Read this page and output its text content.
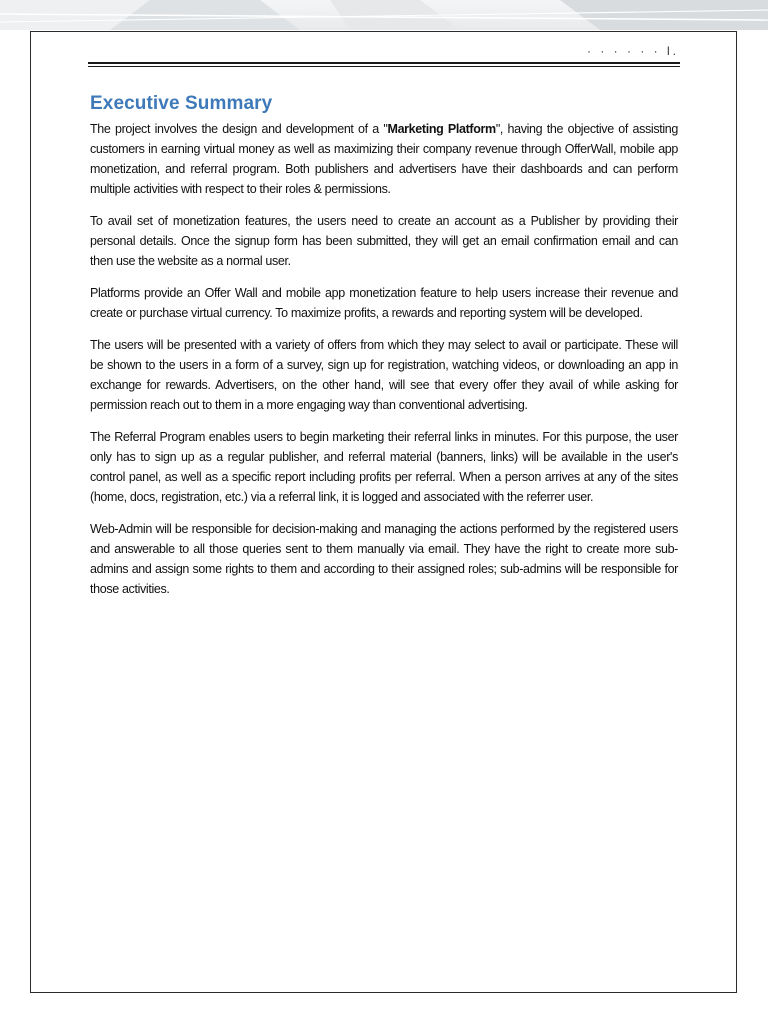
· · · · · · l.
Executive Summary

The project involves the design and development of a "Marketing Platform", having the objective of assisting customers in earning virtual money as well as maximizing their company revenue through OfferWall, mobile app monetization, and referral program. Both publishers and advertisers have their dashboards and can perform multiple activities with respect to their roles & permissions.

To avail set of monetization features, the users need to create an account as a Publisher by providing their personal details. Once the signup form has been submitted, they will get an email confirmation email and can then use the website as a normal user.

Platforms provide an Offer Wall and mobile app monetization feature to help users increase their revenue and create or purchase virtual currency. To maximize profits, a rewards and reporting system will be developed.

The users will be presented with a variety of offers from which they may select to avail or participate. These will be shown to the users in a form of a survey, sign up for registration, watching videos, or downloading an app in exchange for rewards. Advertisers, on the other hand, will see that every offer they avail of while asking for permission reach out to them in a more engaging way than conventional advertising.

The Referral Program enables users to begin marketing their referral links in minutes. For this purpose, the user only has to sign up as a regular publisher, and referral material (banners, links) will be available in the user's control panel, as well as a specific report including profits per referral. When a person arrives at any of the sites (home, docs, registration, etc.) via a referral link, it is logged and associated with the referrer user.

Web-Admin will be responsible for decision-making and managing the actions performed by the registered users and answerable to all those queries sent to them manually via email. They have the right to create more sub-admins and assign some rights to them and according to their assigned roles; sub-admins will be responsible for those activities.
